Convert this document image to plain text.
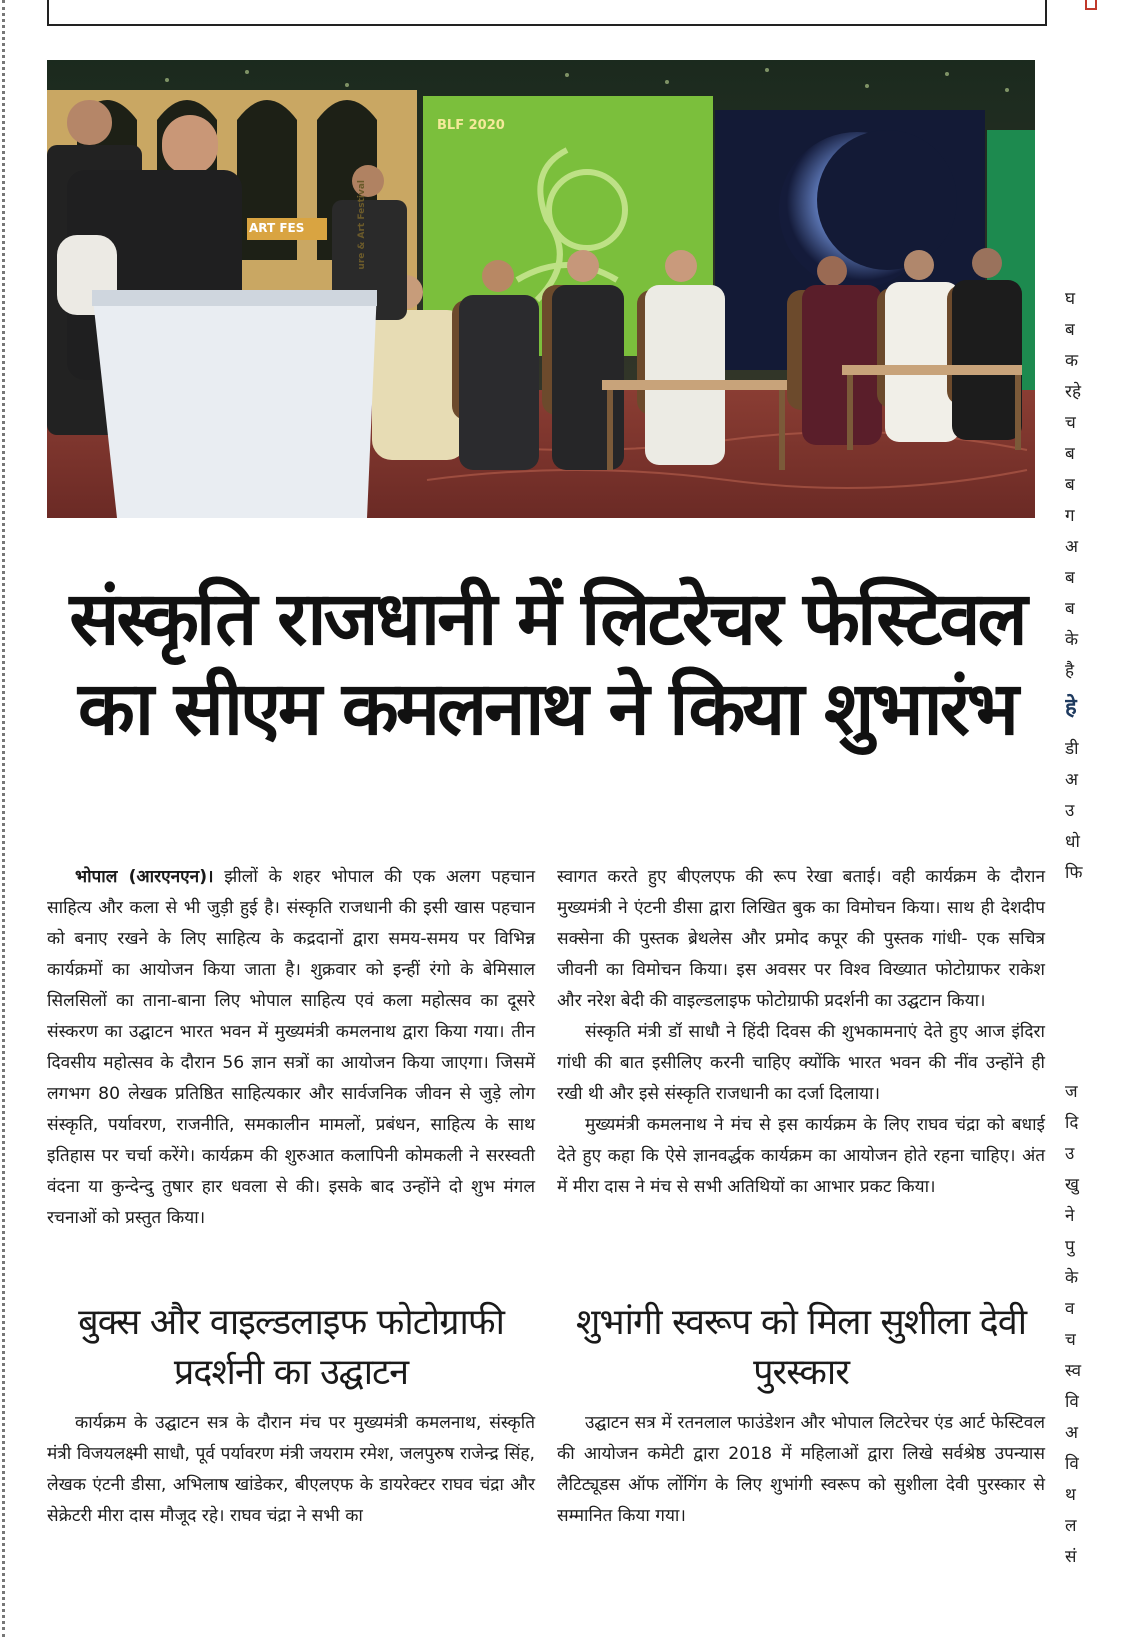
BLF 2020
ART FES	ure & Art Festival
संस्कृति राजधानी में लिटरेचर फेस्टिवल
का सीएम कमलनाथ ने किया शुभारंभ

भोपाल (आरएनएन)। झीलों के शहर भोपाल की एक अलग पहचान साहित्य और कला से भी जुड़ी हुई है। संस्कृति राजधानी की इसी खास पहचान को बनाए रखने के लिए साहित्य के कद्रदानों द्वारा समय-समय पर विभिन्न कार्यक्रमों का आयोजन किया जाता है। शुक्रवार को इन्हीं रंगो के बेमिसाल सिलसिलों का ताना-बाना लिए भोपाल साहित्य एवं कला महोत्सव का दूसरे संस्करण का उद्घाटन भारत भवन में मुख्यमंत्री कमलनाथ द्वारा किया गया। तीन दिवसीय महोत्सव के दौरान 56 ज्ञान सत्रों का आयोजन किया जाएगा। जिसमें लगभग 80 लेखक प्रतिष्ठित साहित्यकार और सार्वजनिक जीवन से जुड़े लोग संस्कृति, पर्यावरण, राजनीति, समकालीन मामलों, प्रबंधन, साहित्य के साथ इतिहास पर चर्चा करेंगे। कार्यक्रम की शुरुआत कलापिनी कोमकली ने सरस्वती वंदना या कुन्देन्दु तुषार हार धवला से की। इसके बाद उन्होंने दो शुभ मंगल रचनाओं को प्रस्तुत किया।

बुक्स और वाइल्डलाइफ फोटोग्राफी प्रदर्शनी का उद्घाटन

कार्यक्रम के उद्घाटन सत्र के दौरान मंच पर मुख्यमंत्री कमलनाथ, संस्कृति मंत्री विजयलक्ष्मी साधौ, पूर्व पर्यावरण मंत्री जयराम रमेश, जलपुरुष राजेन्द्र सिंह, लेखक एंटनी डीसा, अभिलाष खांडेकर, बीएलएफ के डायरेक्टर राघव चंद्रा और सेक्रेटरी मीरा दास मौजूद रहे। राघव चंद्रा ने सभी का

स्वागत करते हुए बीएलएफ की रूप रेखा बताई। वही कार्यक्रम के दौरान मुख्यमंत्री ने एंटनी डीसा द्वारा लिखित बुक का विमोचन किया। साथ ही देशदीप सक्सेना की पुस्तक ब्रेथलेस और प्रमोद कपूर की पुस्तक गांधी- एक सचित्र जीवनी का विमोचन किया। इस अवसर पर विश्व विख्यात फोटोग्राफर राकेश और नरेश बेदी की वाइल्डलाइफ फोटोग्राफी प्रदर्शनी का उद्घटान किया।

संस्कृति मंत्री डॉ साधौ ने हिंदी दिवस की शुभकामनाएं देते हुए आज इंदिरा गांधी की बात इसीलिए करनी चाहिए क्योंकि भारत भवन की नींव उन्होंने ही रखी थी और इसे संस्कृति राजधानी का दर्जा दिलाया।

मुख्यमंत्री कमलनाथ ने मंच से इस कार्यक्रम के लिए राघव चंद्रा को बधाई देते हुए कहा कि ऐसे ज्ञानवर्द्धक कार्यक्रम का आयोजन होते रहना चाहिए। अंत में मीरा दास ने मंच से सभी अतिथियों का आभार प्रकट किया।

शुभांगी स्वरूप को मिला सुशीला देवी पुरस्कार

उद्घाटन सत्र में रतनलाल फाउंडेशन और भोपाल लिटरेचर एंड आर्ट फेस्टिवल की आयोजन कमेटी द्वारा 2018 में महिलाओं द्वारा लिखे सर्वश्रेष्ठ उपन्यास लैटिट्यूडस ऑफ लोंगिंग के लिए शुभांगी स्वरूप को सुशीला देवी पुरस्कार से सम्मानित किया गया।

घ
ब
क
रहे
च
ब
ब
ग
अ
ब
ब
के
है
हे
डी
अ
उ
धो
फि
ज
दि
उ
खु
ने
पु
के
व
च
स्व
वि
अ
वि
थ
ल
सं
